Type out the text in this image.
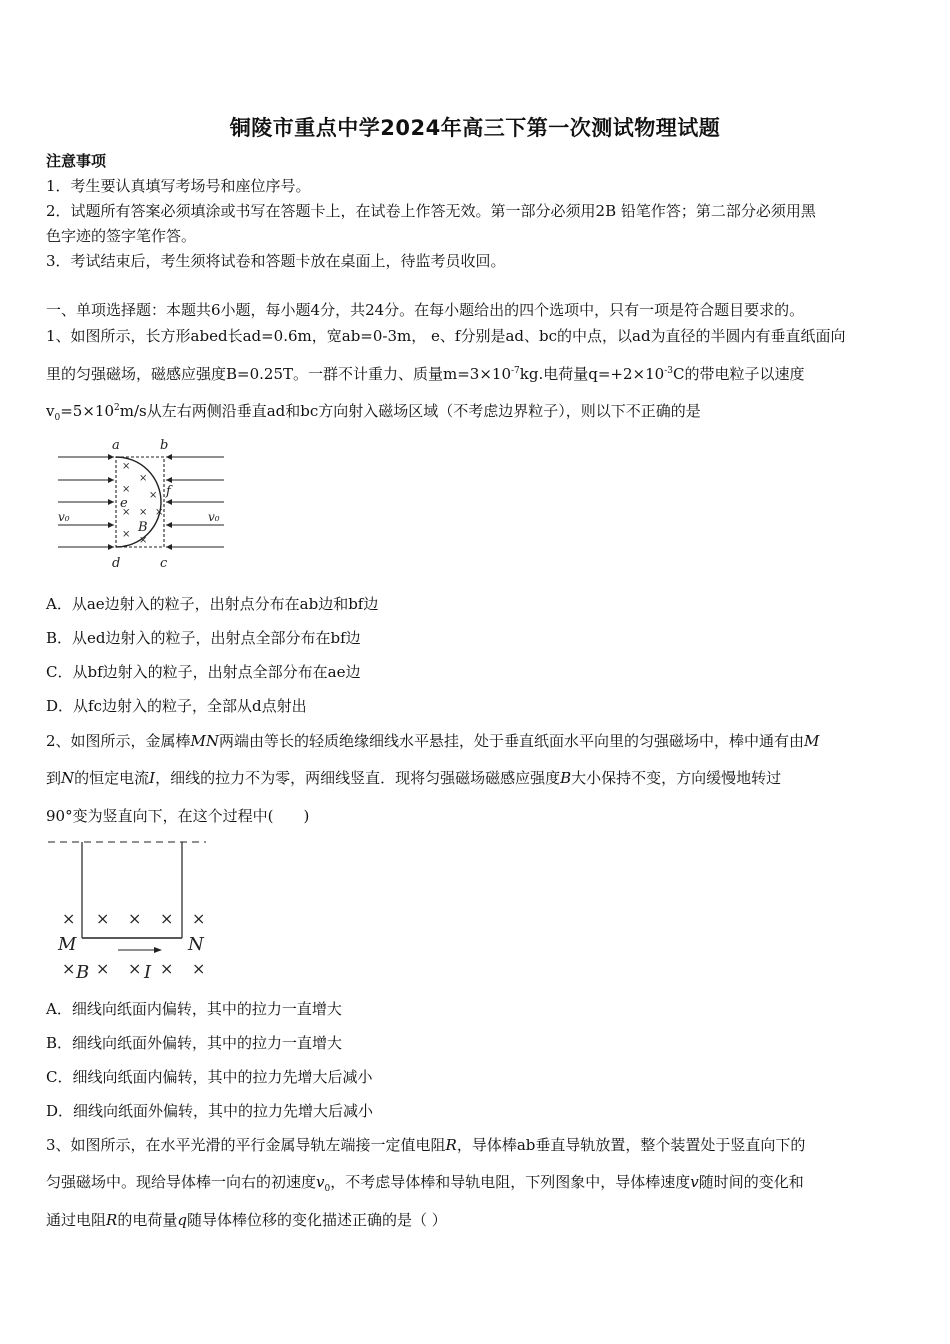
铜陵市重点中学2024年高三下第一次测试物理试题
注意事项
1．考生要认真填写考场号和座位序号。
2．试题所有答案必须填涂或书写在答题卡上，在试卷上作答无效。第一部分必须用2B 铅笔作答；第二部分必须用黑
色字迹的签字笔作答。
3．考试结束后，考生须将试卷和答题卡放在桌面上，待监考员收回。
一、单项选择题：本题共6小题，每小题4分，共24分。在每小题给出的四个选项中，只有一项是符合题目要求的。
1、如图所示，长方形abed长ad=0.6m，宽ab=0-3m， e、f分别是ad、bc的中点，以ad为直径的半圆内有垂直纸面向
里的匀强磁场，磁感应强度B=0.25T。一群不计重力、质量$m=3\times 10^{-7}kg$.电荷量$q=+2\times 10^{-3}C$的带电粒子以速度
$v_0=5\times 10^2m/s$从左右两侧沿垂直ad和bc方向射入磁场区域（不考虑边界粒子），则以下不正确的是
×
×
×
×
×
×
×
×
×
a	b
c
d
e
f
B
v₀	v₀
A．从ae边射入的粒子，出射点分布在ab边和bf边
B．从ed边射入的粒子，出射点全部分布在bf边
C．从bf边射入的粒子，出射点全部分布在ae边
D．从fc边射入的粒子，全部从d点射出
2、如图所示，金属棒MN两端由等长的轻质绝缘细线水平悬挂，处于垂直纸面水平向里的匀强磁场中，棒中通有由M
到N的恒定电流I，细线的拉力不为零，两细线竖直．现将匀强磁场磁感应强度B大小保持不变，方向缓慢地转过
90°变为竖直向下，在这个过程中(　　)
× × × × ×
× × × × ×
M	N
B	I
A．细线向纸面内偏转，其中的拉力一直增大
B．细线向纸面外偏转，其中的拉力一直增大
C．细线向纸面内偏转，其中的拉力先增大后减小
D．细线向纸面外偏转，其中的拉力先增大后减小
3、如图所示，在水平光滑的平行金属导轨左端接一定值电阻R，导体棒ab垂直导轨放置，整个装置处于竖直向下的
匀强磁场中。现给导体棒一向右的初速度$v_0$，不考虑导体棒和导轨电阻，下列图象中，导体棒速度v随时间的变化和
通过电阻R的电荷量q随导体棒位移的变化描述正确的是（ ）
